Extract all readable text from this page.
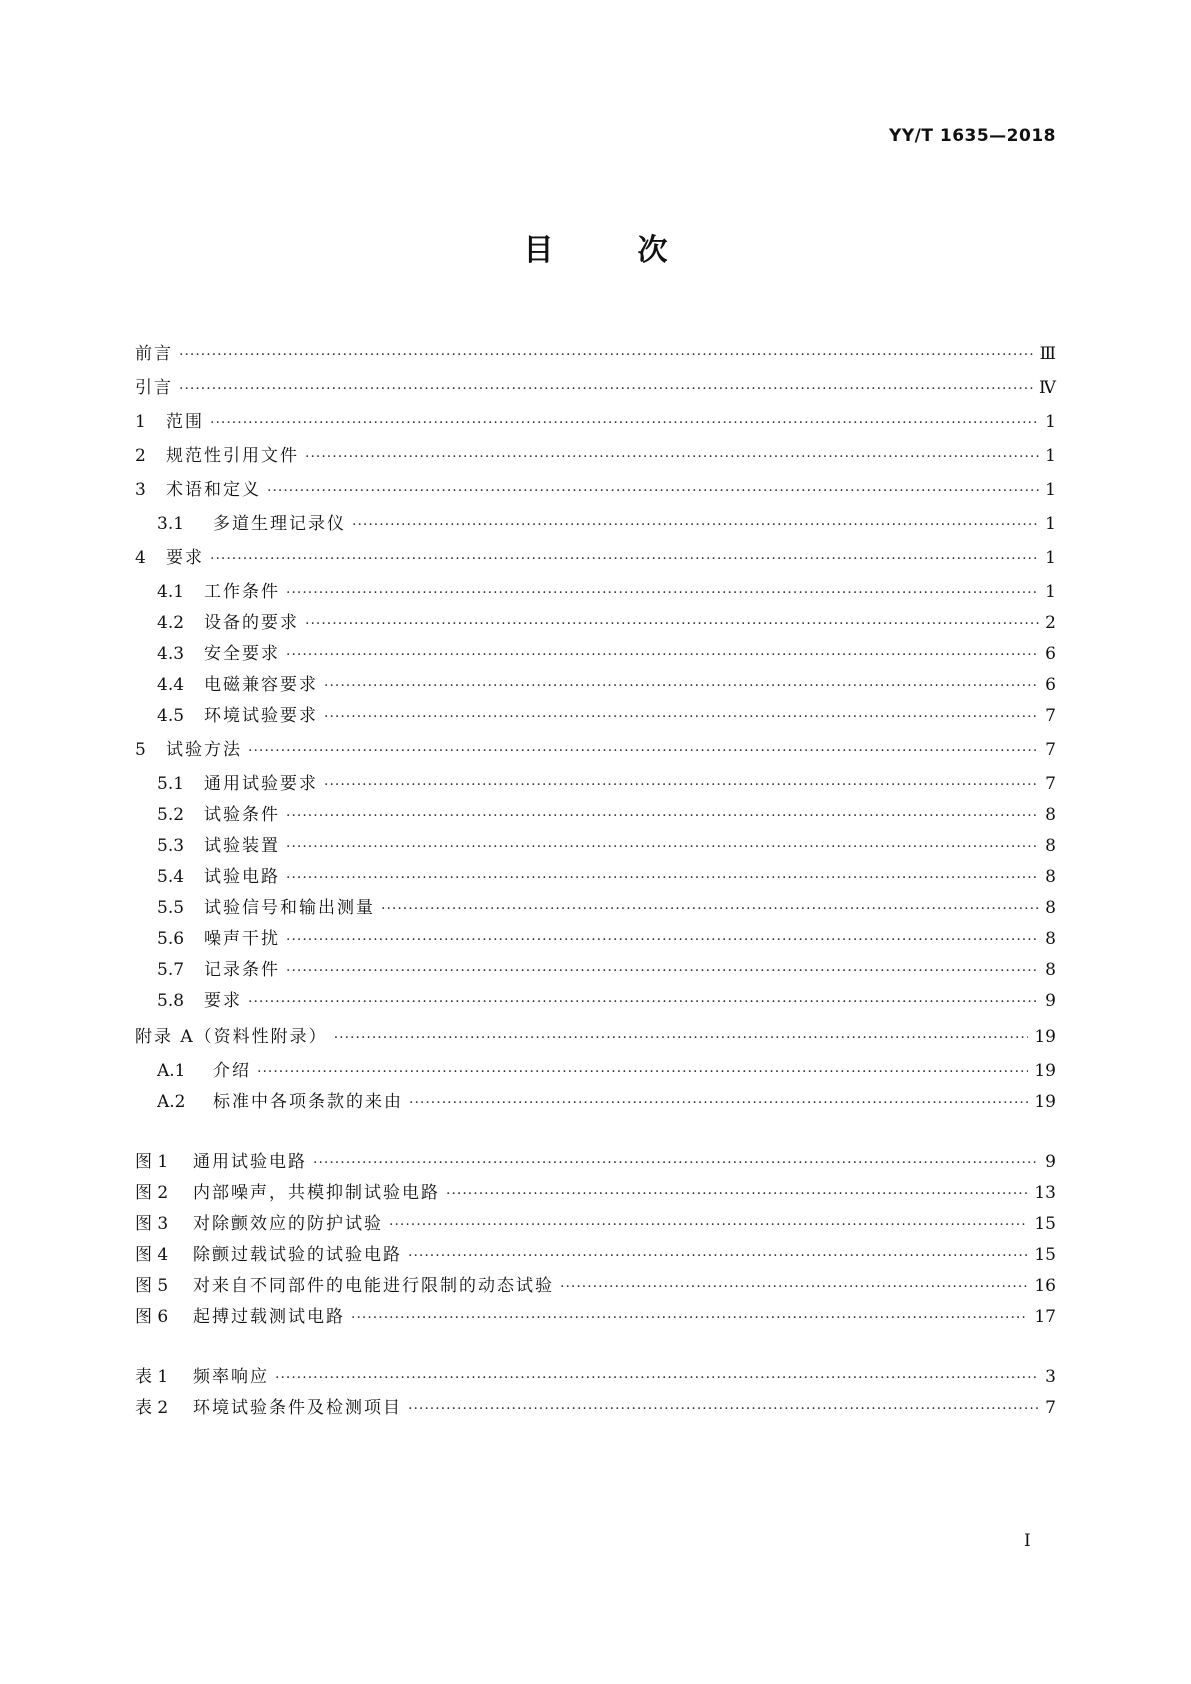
YY/T 1635—2018
目	次
前言 ·····	Ⅲ
引言 ·····	Ⅳ
1	范围 ·····	1
2	规范性引用文件 ·····	1
3	术语和定义 ·····	1
3.1	多道生理记录仪 ·····	1
4	要求 ·····	1
4.1	工作条件 ·····	1
4.2	设备的要求 ·····	2
4.3	安全要求 ·····	6
4.4	电磁兼容要求 ·····	6
4.5	环境试验要求 ·····	7
5	试验方法 ·····	7
5.1	通用试验要求 ·····	7
5.2	试验条件 ·····	8
5.3	试验装置 ·····	8
5.4	试验电路 ·····	8
5.5	试验信号和输出测量 ·····	8
5.6	噪声干扰 ·····	8
5.7	记录条件 ·····	8
5.8	要求 ·····	9
附录 A（资料性附录） ·····	19
A.1	介绍 ·····	19
A.2	标准中各项条款的来由 ·····	19
图 1	通用试验电路 ·····	9
图 2	内部噪声，共模抑制试验电路 ·····	13
图 3	对除颤效应的防护试验 ·····	15
图 4	除颤过载试验的试验电路 ·····	15
图 5	对来自不同部件的电能进行限制的动态试验 ·····	16
图 6	起搏过载测试电路 ·····	17
表 1	频率响应 ·····	3
表 2	环境试验条件及检测项目 ·····	7
I
